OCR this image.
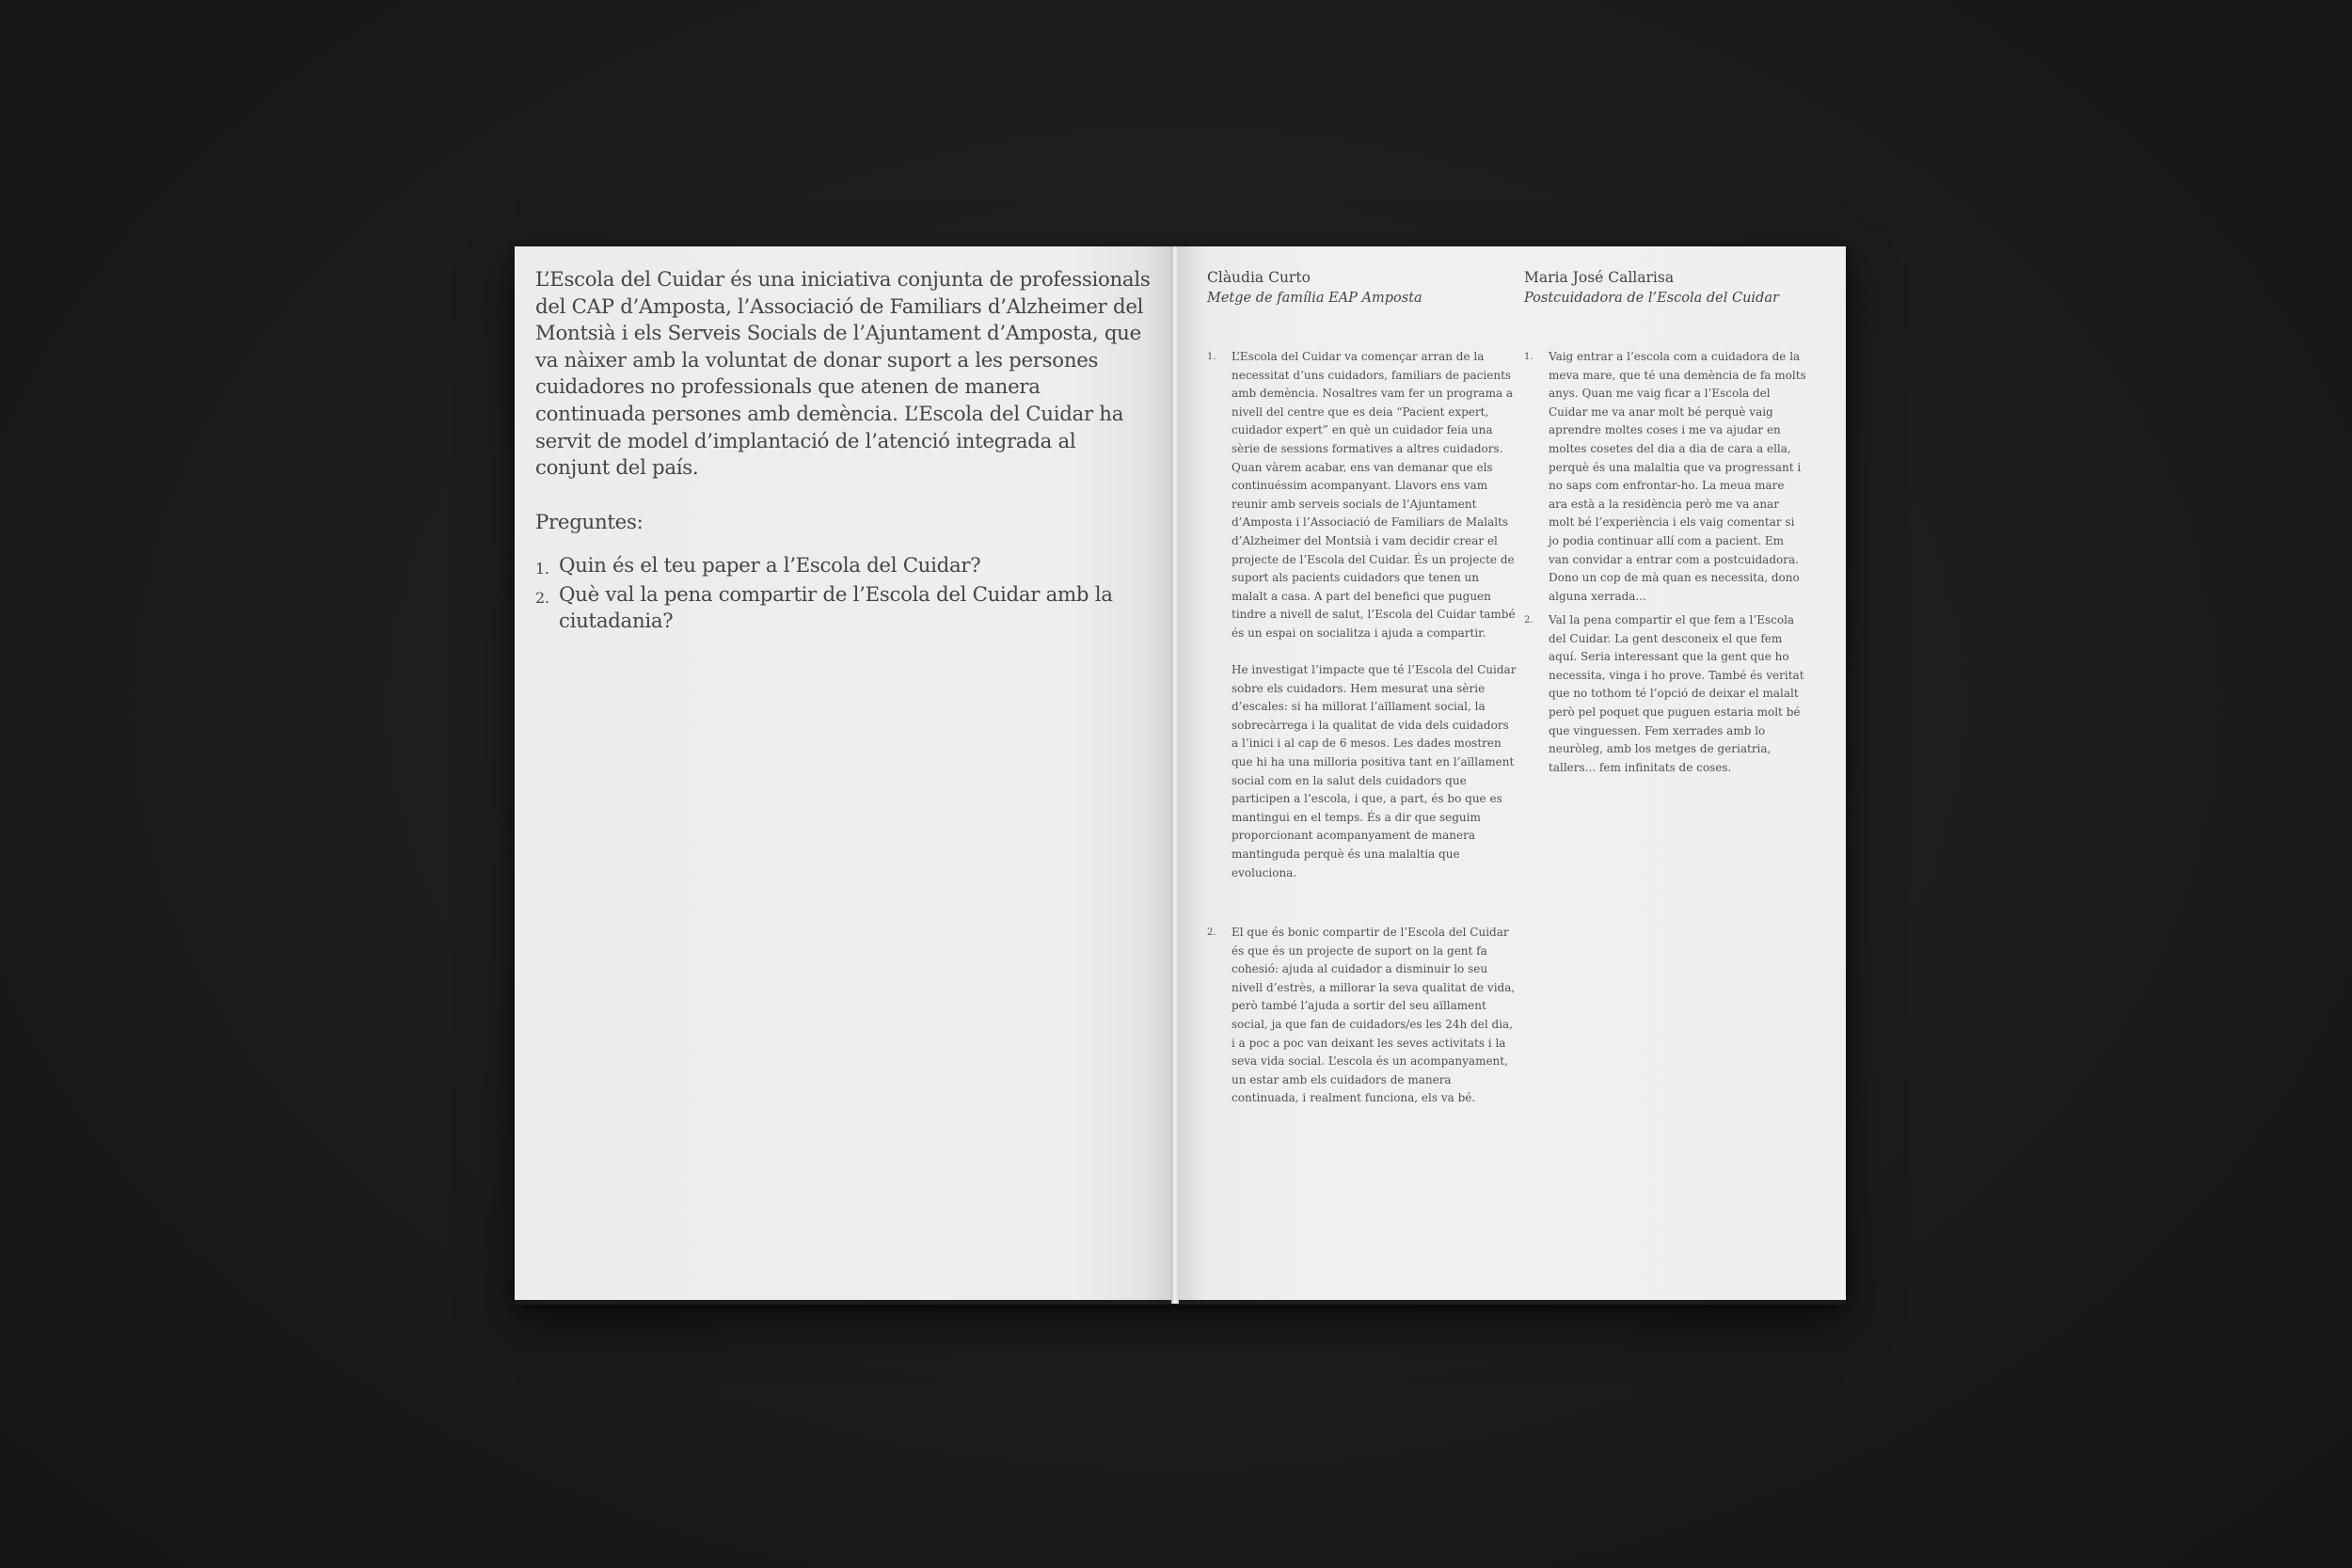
L’Escola del Cuidar és una iniciativa conjunta de professionals del CAP d’Amposta, l’Associació de Familiars d’Alzheimer del Montsià i els Serveis Socials de l’Ajuntament d’Amposta, que va nàixer amb la voluntat de donar suport a les persones cuidadores no professionals que atenen de manera continuada persones amb demència. L’Escola del Cuidar ha servit de model d’implantació de l’atenció integrada al conjunt del país.

Preguntes:
1. Quin és el teu paper a l’Escola del Cuidar?
2. Què val la pena compartir de l’Escola del Cuidar amb la ciutadania?
Clàudia Curto
Metge de família EAP Amposta
1.	L’Escola del Cuidar va començar arran de la necessitat d’uns cuidadors, familiars de pacients amb demència. Nosaltres vam fer un programa a nivell del centre que es deia “Pacient expert, cuidador expert” en què un cuidador feia una sèrie de sessions formatives a altres cuidadors. Quan vàrem acabar, ens van demanar que els continuéssim acompanyant. Llavors ens vam reunir amb serveis socials de l’Ajuntament d’Amposta i l’Associació de Familiars de Malalts d’Alzheimer del Montsià i vam decidir crear el projecte de l’Escola del Cuidar. És un projecte de suport als pacients cuidadors que tenen un malalt a casa. A part del benefici que puguen tindre a nivell de salut, l’Escola del Cuidar també és un espai on socialitza i ajuda a compartir.

He investigat l’impacte que té l’Escola del Cuidar sobre els cuidadors. Hem mesurat una sèrie d’escales: si ha millorat l’aïllament social, la sobrecàrrega i la qualitat de vida dels cuidadors a l’inici i al cap de 6 mesos. Les dades mostren que hi ha una milloria positiva tant en l’aïllament social com en la salut dels cuidadors que participen a l’escola, i que, a part, és bo que es mantingui en el temps. És a dir que seguim proporcionant acompanyament de manera mantinguda perquè és una malaltia que evoluciona.

2.	El que és bonic compartir de l’Escola del Cuidar és que és un projecte de suport on la gent fa cohesió: ajuda al cuidador a disminuir lo seu nivell d’estrès, a millorar la seva qualitat de vida, però també l’ajuda a sortir del seu aïllament social, ja que fan de cuidadors/es les 24h del dia, i a poc a poc van deixant les seves activitats i la seva vida social. L’escola és un acompanyament, un estar amb els cuidadors de manera continuada, i realment funciona, els va bé.

Maria José Callarisa
Postcuidadora de l’Escola del Cuidar
1.	Vaig entrar a l’escola com a cuidadora de la meva mare, que té una demència de fa molts anys. Quan me vaig ficar a l’Escola del Cuidar me va anar molt bé perquè vaig aprendre moltes coses i me va ajudar en moltes cosetes del dia a dia de cara a ella, perquè és una malaltia que va progressant i no saps com enfrontar-ho. La meua mare ara està a la residència però me va anar molt bé l’experiència i els vaig comentar si jo podia continuar allí com a pacient. Em van convidar a entrar com a postcuidadora. Dono un cop de mà quan es necessita, dono alguna xerrada...

2.	Val la pena compartir el que fem a l’Escola del Cuidar. La gent desconeix el que fem aquí. Seria interessant que la gent que ho necessita, vinga i ho prove. També és veritat que no tothom té l’opció de deixar el malalt però pel poquet que puguen estaria molt bé que vinguessen. Fem xerrades amb lo neuròleg, amb los metges de geriatria, tallers... fem infinitats de coses.
